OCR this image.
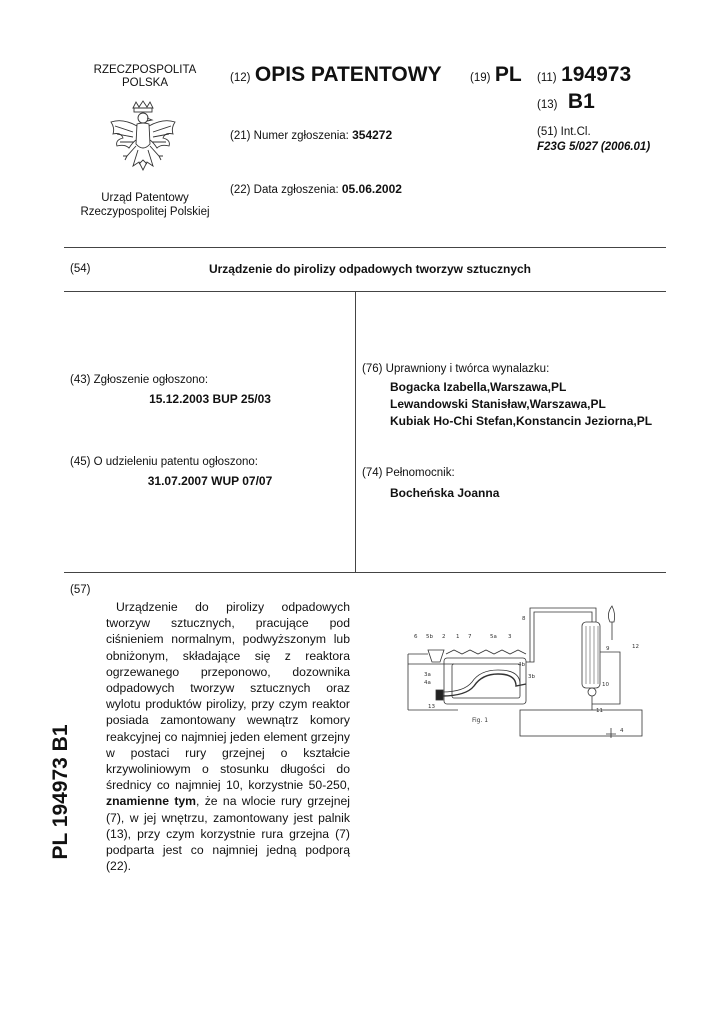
RZECZPOSPOLITA
POLSKA
Urząd Patentowy
Rzeczypospolitej Polskiej
(12) OPIS PATENTOWY (19) PL (11) 194973
(13) B1
(21) Numer zgłoszenia: 354272	(51) Int.Cl.
F23G 5/027 (2006.01)
(22) Data zgłoszenia: 05.06.2002
(54)	Urządzenie do pirolizy odpadowych tworzyw sztucznych
(43) Zgłoszenie ogłoszono:
15.12.2003 BUP 25/03
(45) O udzieleniu patentu ogłoszono:
31.07.2007 WUP 07/07
(76) Uprawniony i twórca wynalazku:
Bogacka Izabella,Warszawa,PL
Lewandowski Stanisław,Warszawa,PL
Kubiak Ho-Chi Stefan,Konstancin Jeziorna,PL
(74) Pełnomocnik:
Bocheńska Joanna
(57)
Urządzenie do pirolizy odpadowych tworzyw sztucznych, pracujące pod ciśnieniem normalnym, podwyższonym lub obniżonym, składające się z reaktora ogrzewanego przeponowo, dozownika odpadowych tworzyw sztucznych oraz wylotu produktów pirolizy, przy czym reaktor posiada zamontowany wewnątrz komory reakcyjnej co najmniej jeden element grzejny w postaci rury grzejnej o kształcie krzywoliniowym o stosunku długości do średnicy co najmniej 10, korzystnie 50-250, znamienne tym, że na wlocie rury grzejnej (7), w jej wnętrzu, zamontowany jest palnik (13), przy czym korzystnie rura grzejna (7) podparta jest co najmniej jedną podporą (22).
PL 194973 B1
6 5b 2 1 7	5a 3
4b
3b
3a
4a
13
8
9	12
10
11
4
Fig. 1
